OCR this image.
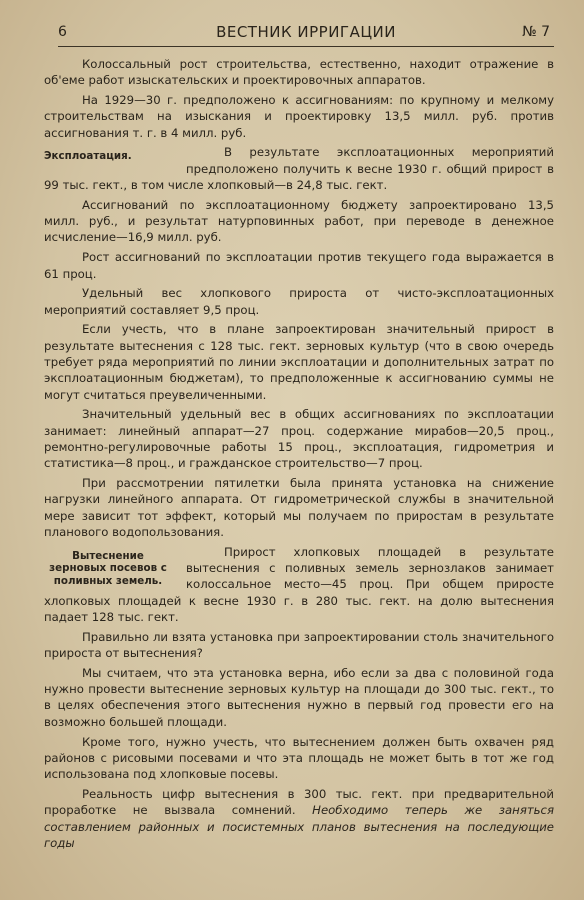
6	ВЕСТНИК ИРРИГАЦИИ	№ 7

Колоссальный рост строительства, естественно, находит отражение в об'еме работ изыскательских и проектировочных аппаратов.

На 1929—30 г. предположено к ассигнованиям: по крупному и мелкому строительствам на изыскания и проектировку 13,5 милл. руб. против ассигнования т. г. в 4 милл. руб.

Эксплоатация.	В результате эксплоатационных мероприятий предположено получить к весне 1930 г. общий прирост в 99 тыс. гект., в том числе хлопковый—в 24,8 тыс. гект.

Ассигнований по эксплоатационному бюджету запроектировано 13,5 милл. руб., и результат натурповинных работ, при переводе в денежное исчисление—16,9 милл. руб.

Рост ассигнований по эксплоатации против текущего года выражается в 61 проц.

Удельный вес хлопкового прироста от чисто-эксплоатационных мероприятий составляет 9,5 проц.

Если учесть, что в плане запроектирован значительный прирост в результате вытеснения с 128 тыс. гект. зерновых культур (что в свою очередь требует ряда мероприятий по линии эксплоатации и дополнительных затрат по эксплоатационным бюджетам), то предположенные к ассигнованию суммы не могут считаться преувеличенными.

Значительный удельный вес в общих ассигнованиях по эксплоатации занимает: линейный аппарат—27 проц. содержание мирабов—20,5 проц., ремонтно-регулировочные работы 15 проц., эксплоатация, гидрометрия и статистика—8 проц., и гражданское строительство—7 проц.

При рассмотрении пятилетки была принята установка на снижение нагрузки линейного аппарата. От гидрометрической службы в значительной мере зависит тот эффект, который мы получаем по приростам в результате планового водопользования.

Вытеснение зерновых посевов с поливных земель.

Прирост хлопковых площадей в результате вытеснения с поливных земель зернозлаков занимает колоссальное место—45 проц. При общем приросте хлопковых площадей к весне 1930 г. в 280 тыс. гект. на долю вытеснения падает 128 тыс. гект.

Правильно ли взята установка при запроектировании столь значительного прироста от вытеснения?

Мы считаем, что эта установка верна, ибо если за два с половиной года нужно провести вытеснение зерновых культур на площади до 300 тыс. гект., то в целях обеспечения этого вытеснения нужно в первый год провести его на возможно большей площади.

Кроме того, нужно учесть, что вытеснением должен быть охвачен ряд районов с рисовыми посевами и что эта площадь не может быть в тот же год использована под хлопковые посевы.

Реальность цифр вытеснения в 300 тыс. гект. при предварительной проработке не вызвала сомнений. Необходимо теперь же заняться составлением районных и посистемных планов вытеснения на последующие годы
